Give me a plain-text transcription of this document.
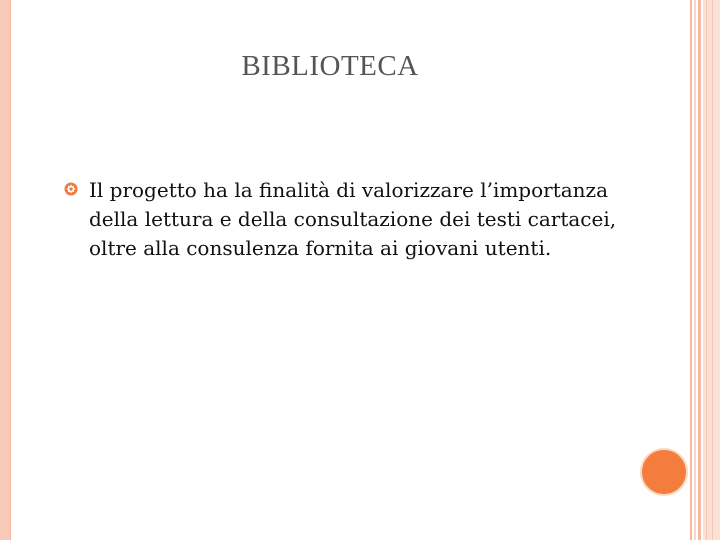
BIBLIOTECA
Il progetto ha la finalità di valorizzare l’importanza della lettura e della consultazione dei testi cartacei, oltre alla consulenza fornita ai giovani utenti.
